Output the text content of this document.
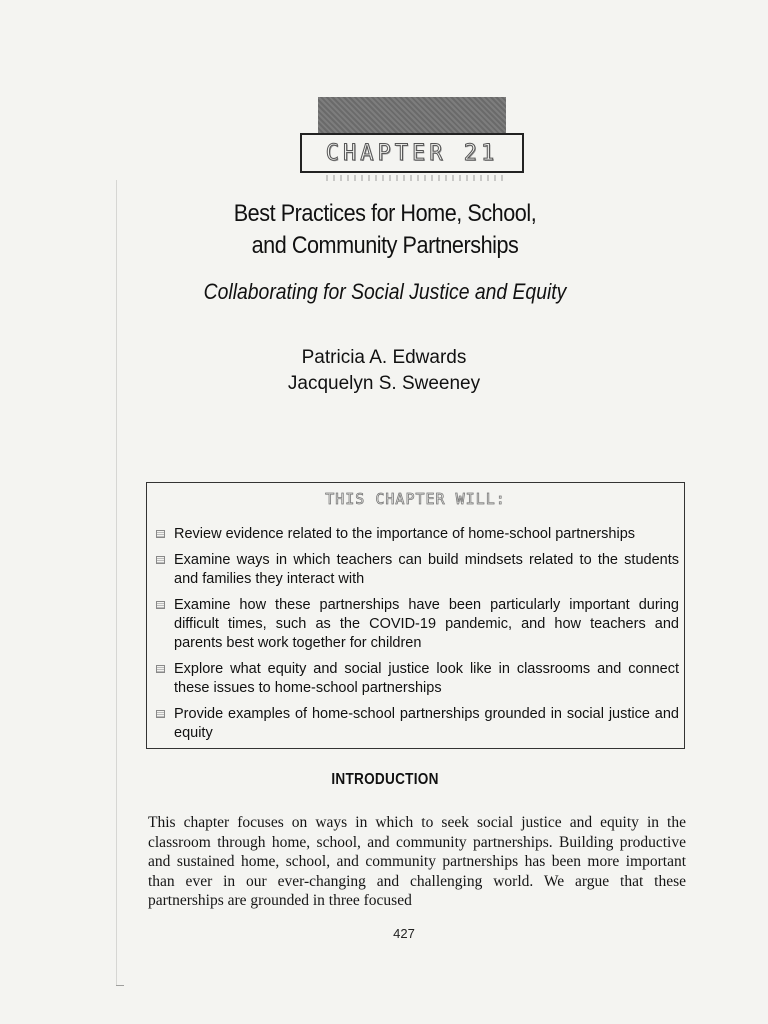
CHAPTER 21
Best Practices for Home, School,
and Community Partnerships
Collaborating for Social Justice and Equity
Patricia A. Edwards
Jacquelyn S. Sweeney
THIS CHAPTER WILL:
Review evidence related to the importance of home-school partnerships
Examine ways in which teachers can build mindsets related to the students and families they interact with
Examine how these partnerships have been particularly important during difficult times, such as the COVID-19 pandemic, and how teachers and parents best work together for children
Explore what equity and social justice look like in classrooms and connect these issues to home-school partnerships
Provide examples of home-school partnerships grounded in social justice and equity
INTRODUCTION

This chapter focuses on ways in which to seek social justice and equity in the classroom through home, school, and community partnerships. Building productive and sustained home, school, and community partnerships has been more important than ever in our ever-changing and challenging world. We argue that these partnerships are grounded in three focused

427
